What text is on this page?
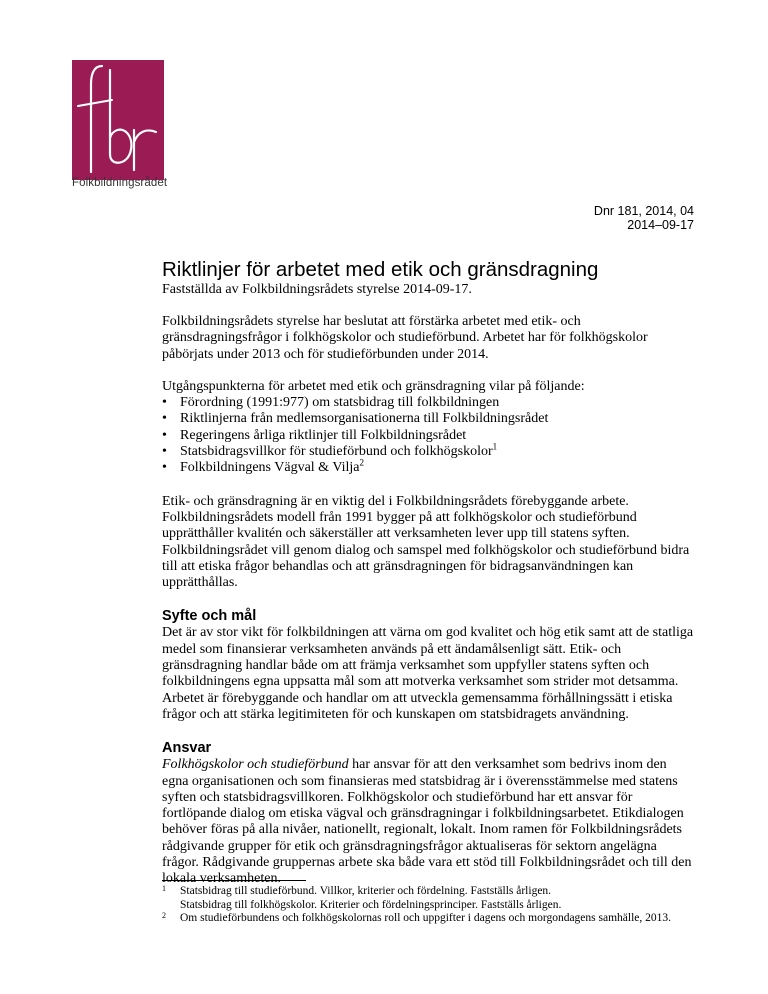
Folkbildningsrådet
Dnr 181, 2014, 04
2014–09-17
Riktlinjer för arbetet med etik och gränsdragning
Fastställda av Folkbildningsrådets styrelse 2014-09-17.

Folkbildningsrådets styrelse har beslutat att förstärka arbetet med etik- och gränsdragningsfrågor i folkhögskolor och studieförbund. Arbetet har för folkhögskolor påbörjats under 2013 och för studieförbunden under 2014.

Utgångspunkterna för arbetet med etik och gränsdragning vilar på följande:

• Förordning (1991:977) om statsbidrag till folkbildningen
• Riktlinjerna från medlemsorganisationerna till Folkbildningsrådet
• Regeringens årliga riktlinjer till Folkbildningsrådet
• Statsbidragsvillkor för studieförbund och folkhögskolor$^1$
• Folkbildningens Vägval & Vilja$^2$

Etik- och gränsdragning är en viktig del i Folkbildningsrådets förebyggande arbete. Folkbildningsrådets modell från 1991 bygger på att folkhögskolor och studieförbund upprätthåller kvalitén och säkerställer att verksamheten lever upp till statens syften. Folkbildningsrådet vill genom dialog och samspel med folkhögskolor och studieförbund bidra till att etiska frågor behandlas och att gränsdragningen för bidragsanvändningen kan upprätthållas.

Syfte och mål

Det är av stor vikt för folkbildningen att värna om god kvalitet och hög etik samt att de statliga medel som finansierar verksamheten används på ett ändamålsenligt sätt. Etik- och gränsdragning handlar både om att främja verksamhet som uppfyller statens syften och folkbildningens egna uppsatta mål som att motverka verksamhet som strider mot detsamma. Arbetet är förebyggande och handlar om att utveckla gemensamma förhållningssätt i etiska frågor och att stärka legitimiteten för och kunskapen om statsbidragets användning.

Ansvar

Folkhögskolor och studieförbund har ansvar för att den verksamhet som bedrivs inom den egna organisationen och som finansieras med statsbidrag är i överensstämmelse med statens syften och statsbidragsvillkoren. Folkhögskolor och studieförbund har ett ansvar för fortlöpande dialog om etiska vägval och gränsdragningar i folkbildningsarbetet. Etikdialogen behöver föras på alla nivåer, nationellt, regionalt, lokalt. Inom ramen för Folkbildningsrådets rådgivande grupper för etik och gränsdragningsfrågor aktualiseras för sektorn angelägna frågor. Rådgivande gruppernas arbete ska både vara ett stöd till Folkbildningsrådet och till den lokala verksamheten.

1 Statsbidrag till studieförbund. Villkor, kriterier och fördelning. Fastställs årligen.
Statsbidrag till folkhögskolor. Kriterier och fördelningsprinciper. Fastställs årligen.
2 Om studieförbundens och folkhögskolornas roll och uppgifter i dagens och morgondagens samhälle, 2013.
